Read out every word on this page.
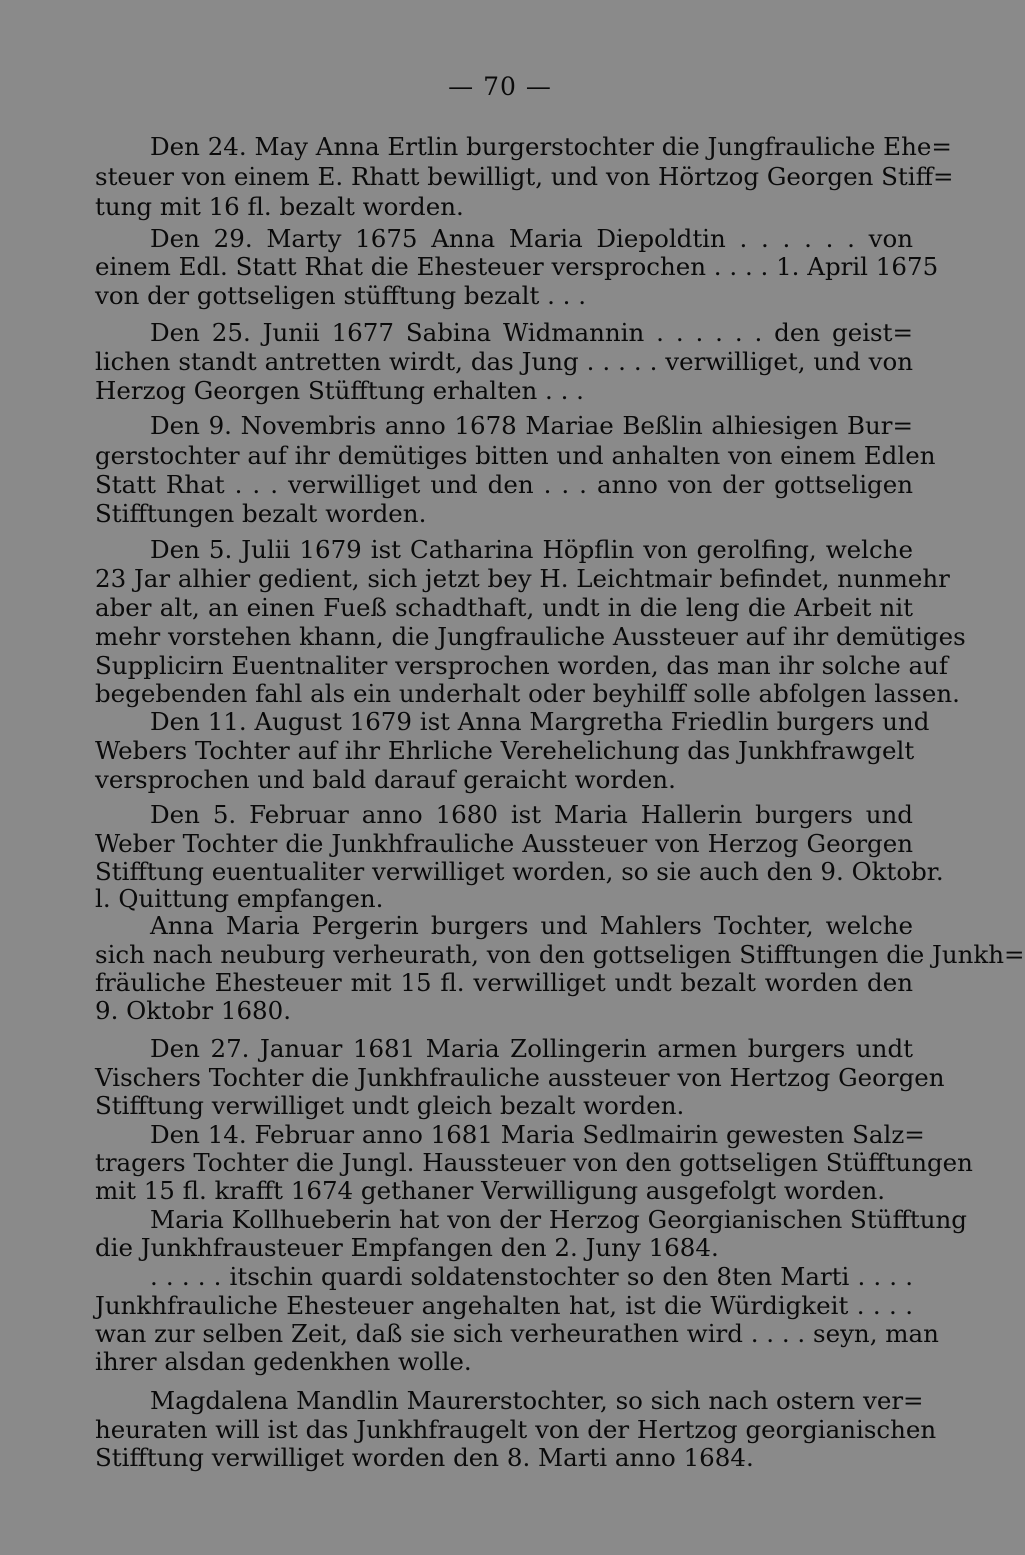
— 70 —
Den 24. May Anna Ertlin burgerstochter die Jungfrauliche Ehe=
steuer von einem E. Rhatt bewilligt, und von Hörtzog Georgen Stiff=
tung mit 16 fl. bezalt worden.
Den 29. Marty 1675 Anna Maria Diepoldtin . . . . . . von
einem Edl. Statt Rhat die Ehesteuer versprochen . . . . 1. April 1675
von der gottseligen stüfftung bezalt . . .
Den 25. Junii 1677 Sabina Widmannin . . . . . . den geist=
lichen standt antretten wirdt, das Jung . . . . . verwilliget, und von
Herzog Georgen Stüfftung erhalten . . .
Den 9. Novembris anno 1678 Mariae Beßlin alhiesigen Bur=
gerstochter auf ihr demütiges bitten und anhalten von einem Edlen
Statt Rhat . . . verwilliget und den . . . anno von der gottseligen
Stifftungen bezalt worden.
Den 5. Julii 1679 ist Catharina Höpflin von gerolfing, welche
23 Jar alhier gedient, sich jetzt bey H. Leichtmair befindet, nunmehr
aber alt, an einen Fueß schadthaft, undt in die leng die Arbeit nit
mehr vorstehen khann, die Jungfrauliche Aussteuer auf ihr demütiges
Supplicirn Euentnaliter versprochen worden, das man ihr solche auf
begebenden fahl als ein underhalt oder beyhilff solle abfolgen lassen.
Den 11. August 1679 ist Anna Margretha Friedlin burgers und
Webers Tochter auf ihr Ehrliche Verehelichung das Junkhfrawgelt
versprochen und bald darauf geraicht worden.
Den 5. Februar anno 1680 ist Maria Hallerin burgers und
Weber Tochter die Junkhfrauliche Aussteuer von Herzog Georgen
Stifftung euentualiter verwilliget worden, so sie auch den 9. Oktobr.
l. Quittung empfangen.
Anna Maria Pergerin burgers und Mahlers Tochter, welche
sich nach neuburg verheurath, von den gottseligen Stifftungen die Junkh=
fräuliche Ehesteuer mit 15 fl. verwilliget undt bezalt worden den
9. Oktobr 1680.
Den 27. Januar 1681 Maria Zollingerin armen burgers undt
Vischers Tochter die Junkhfrauliche aussteuer von Hertzog Georgen
Stifftung verwilliget undt gleich bezalt worden.
Den 14. Februar anno 1681 Maria Sedlmairin gewesten Salz=
tragers Tochter die Jungl. Haussteuer von den gottseligen Stüfftungen
mit 15 fl. krafft 1674 gethaner Verwilligung ausgefolgt worden.
Maria Kollhueberin hat von der Herzog Georgianischen Stüfftung
die Junkhfrausteuer Empfangen den 2. Juny 1684.
. . . . . itschin quardi soldatenstochter so den 8ten Marti . . . .
Junkhfrauliche Ehesteuer angehalten hat, ist die Würdigkeit . . . .
wan zur selben Zeit, daß sie sich verheurathen wird . . . . seyn, man
ihrer alsdan gedenkhen wolle.
Magdalena Mandlin Maurerstochter, so sich nach ostern ver=
heuraten will ist das Junkhfraugelt von der Hertzog georgianischen
Stifftung verwilliget worden den 8. Marti anno 1684.
